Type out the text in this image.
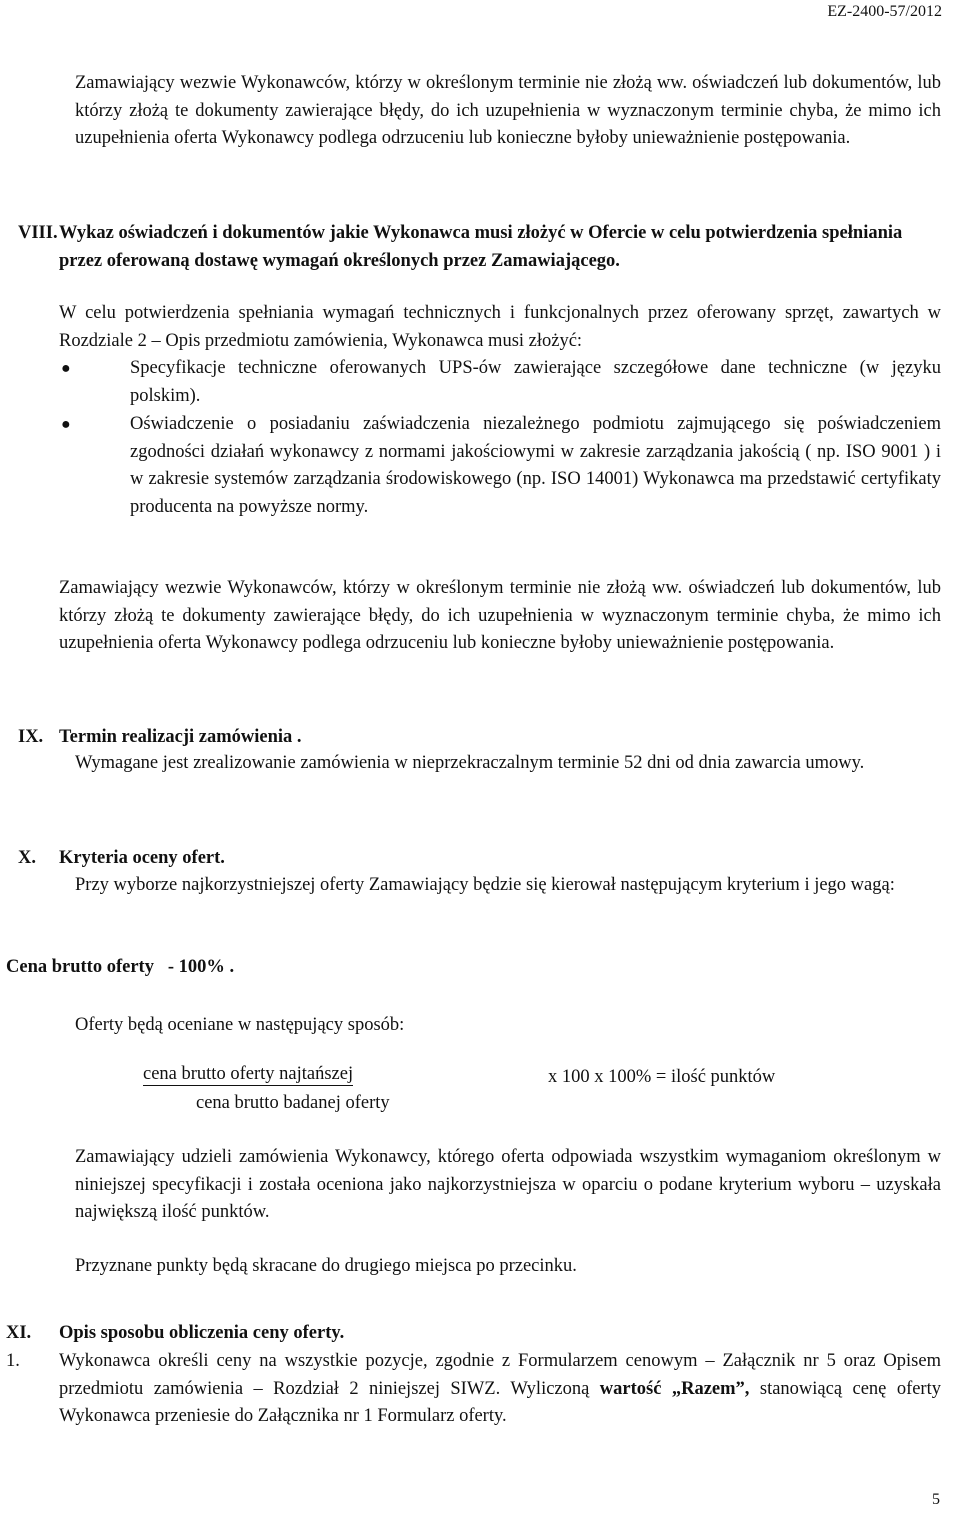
EZ-2400-57/2012

Zamawiający wezwie Wykonawców, którzy w określonym terminie nie złożą ww. oświadczeń lub dokumentów, lub którzy złożą te dokumenty zawierające błędy, do ich uzupełnienia w wyznaczonym terminie chyba, że mimo ich uzupełnienia oferta Wykonawcy podlega odrzuceniu lub konieczne byłoby unieważnienie postępowania.

VIII. Wykaz oświadczeń i dokumentów jakie Wykonawca musi złożyć w Ofercie w celu potwierdzenia spełniania przez oferowaną dostawę wymagań określonych przez Zamawiającego.

W celu potwierdzenia spełniania wymagań technicznych i funkcjonalnych przez oferowany sprzęt, zawartych w Rozdziale 2 – Opis przedmiotu zamówienia, Wykonawca musi złożyć:

●	Specyfikacje techniczne oferowanych UPS-ów zawierające szczegółowe dane techniczne (w języku polskim).

●	Oświadczenie o posiadaniu zaświadczenia niezależnego podmiotu zajmującego się poświadczeniem zgodności działań wykonawcy z normami jakościowymi w zakresie zarządzania jakością ( np. ISO 9001 ) i w zakresie systemów zarządzania środowiskowego (np. ISO 14001) Wykonawca ma przedstawić certyfikaty producenta na powyższe normy.

Zamawiający wezwie Wykonawców, którzy w określonym terminie nie złożą ww. oświadczeń lub dokumentów, lub którzy złożą te dokumenty zawierające błędy, do ich uzupełnienia w wyznaczonym terminie chyba, że mimo ich uzupełnienia oferta Wykonawcy podlega odrzuceniu lub konieczne byłoby unieważnienie postępowania.

IX. Termin realizacji zamówienia .

Wymagane jest zrealizowanie zamówienia w nieprzekraczalnym terminie 52 dni od dnia zawarcia umowy.

X. Kryteria oceny ofert.

Przy wyborze najkorzystniejszej oferty Zamawiający będzie się kierował następującym kryterium i jego wagą:

Cena brutto oferty   - 100% .
Oferty będą oceniane w następujący sposób:
cena brutto oferty najtańszej
cena brutto badanej oferty
x 100 x 100% = ilość punktów

Zamawiający udzieli zamówienia Wykonawcy, którego oferta odpowiada wszystkim wymaganiom określonym w niniejszej specyfikacji i została oceniona jako najkorzystniejsza w oparciu o podane kryterium wyboru – uzyskała największą ilość punktów.

Przyznane punkty będą skracane do drugiego miejsca po przecinku.
XI. Opis sposobu obliczenia ceny oferty.
1. Wykonawca określi ceny na wszystkie pozycje, zgodnie z Formularzem cenowym – Załącznik nr 5 oraz Opisem przedmiotu zamówienia – Rozdział 2 niniejszej SIWZ. Wyliczoną wartość „Razem”, stanowiącą cenę oferty Wykonawca przeniesie do Załącznika nr 1 Formularz oferty.

5
